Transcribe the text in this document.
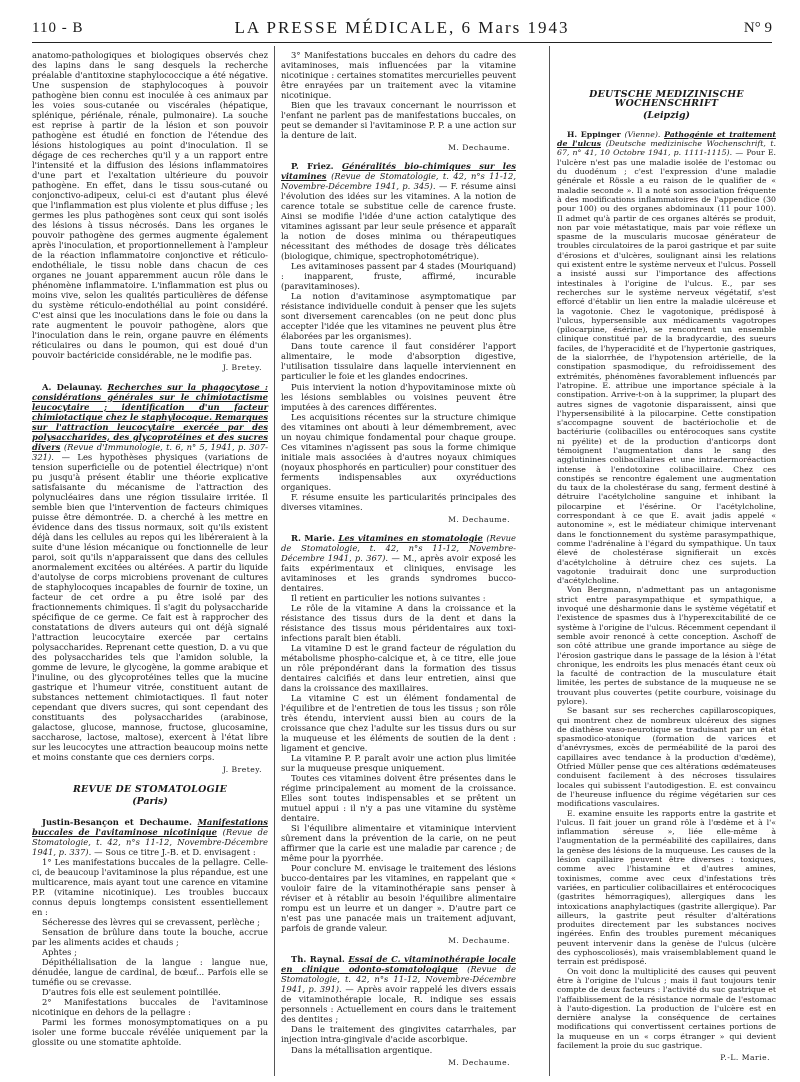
110 - B	LA PRESSE MÉDICALE, 6 Mars 1943	N° 9

anatomo-pathologiques et biologiques observés chez des lapins dans le sang desquels la recherche préalable d'antitoxine staphylococcique a été négative. Une suspension de staphylocoques à pouvoir pathogène bien connu est inoculée à ces animaux par les voies sous-cutanée ou viscérales (hépatique, splénique, périénale, rénale, pulmonaire). La souche est reprise à partir de la lésion et son pouvoir pathogène est étudié en fonction de l'étendue des lésions histologiques au point d'inoculation. Il se dégage de ces recherches qu'il y a un rapport entre l'intensité et la diffusion des lésions inflammatoires d'une part et l'exaltation ultérieure du pouvoir pathogène. En effet, dans le tissu sous-cutané ou conjonctivo-adipeux, celui-ci est d'autant plus élevé que l'inflammation est plus violente et plus diffuse ; les germes les plus pathogènes sont ceux qui sont isolés des lésions à tissus nécrosés. Dans les organes le pouvoir pathogène des germes augmente également après l'inoculation, et proportionnellement à l'ampleur de la réaction inflammatoire conjonctive et réticulo-endothéliale, le tissu noble dans chacun de ces organes ne jouant apparemment aucun rôle dans le phénomène inflammatoire. L'inflammation est plus ou moins vive, selon les qualités particulières de défense du système réticulo-endothélial au point considéré. C'est ainsi que les inoculations dans le foie ou dans la rate augmentent le pouvoir pathogène, alors que l'inoculation dans le rein, organe pauvre en éléments réticulaires ou dans le poumon, qui est doué d'un pouvoir bactéricide considérable, ne le modifie pas.

J. Bretey.

A. Delaunay. Recherches sur la phagocytose : considérations générales sur le chimiotactisme leucocytaire ; identification d'un facteur chimiotactique chez le staphylocoque. Remarques sur l'attraction leucocytaire exercée par des polysaccharides, des glycoprotéines et des sucres divers (Revue d'Immunologie, t. 6, n° 5, 1941, p. 307-321). — Les hypothèses physiques (variations de tension superficielle ou de potentiel électrique) n'ont pu jusqu'à présent établir une théorie explicative satisfaisante du mécanisme de l'attraction des polynucléaires dans une région tissulaire irritée. Il semble bien que l'intervention de facteurs chimiques puisse être démontrée. D. a cherché à les mettre en évidence dans des tissus normaux, soit qu'ils existent déjà dans les cellules au repos qui les libéreraient à la suite d'une lésion mécanique ou fonctionnelle de leur paroi, soit qu'ils n'apparaissent que dans des cellules anormalement excitées ou altérées. A partir du liquide d'autolyse de corps microbiens provenant de cultures de staphylocoques incapables de fournir de toxine, un facteur de cet ordre a pu être isolé par des fractionnements chimiques. Il s'agit du polysaccharide spécifique de ce germe. Ce fait est à rapprocher des constatations de divers auteurs qui ont déjà signalé l'attraction leucocytaire exercée par certains polysaccharides. Reprenant cette question, D. a vu que des polysaccharides tels que l'amidon soluble, la gomme de levure, le glycogène, la gomme arabique et l'inuline, ou des glycoprotéines telles que la mucine gastrique et l'humeur vitrée, constituent autant de substances nettement chimiotactiques. Il faut noter cependant que divers sucres, qui sont cependant des constituants des polysaccharides (arabinose, galactose, glucose, mannose, fructose, glucosamine, saccharose, lactose, maltose), exercent à l'état libre sur les leucocytes une attraction beaucoup moins nette et moins constante que ces derniers corps.

J. Bretey.
REVUE DE STOMATOLOGIE
(Paris)

Justin-Besançon et Dechaume. Manifestations buccales de l'avitaminose nicotinique (Revue de Stomatologie, t. 42, n°s 11-12, Novembre-Décembre 1941, p. 337). — Sous ce titre J.-B. et D. envisagent :

1° Les manifestations buccales de la pellagre. Celle-ci, de beaucoup l'avitaminose la plus répandue, est une multicarence, mais ayant tout une carence en vitamine P.P. (vitamine nicotinique). Les troubles buccaux connus depuis longtemps consistent essentiellement en :

Sécheresse des lèvres qui se crevassent, perlèche ;

Sensation de brûlure dans toute la bouche, accrue par les aliments acides et chauds ;

Aphtes ;

Dépithélialisation de la langue : langue nue, dénudée, langue de cardinal, de bœuf... Parfois elle se tuméfie ou se crevasse.

D'autres fois elle est seulement pointillée.

2° Manifestations buccales de l'avitaminose nicotinique en dehors de la pellagre :

Parmi les formes monosymptomatiques on a pu isoler une forme buccale révélée uniquement par la glossite ou une stomatite aphtoïde.

3° Manifestations buccales en dehors du cadre des avitaminoses, mais influencées par la vitamine nicotinique : certaines stomatites mercurielles peuvent être enrayées par un traitement avec la vitamine nicotinique.

Bien que les travaux concernant le nourrisson et l'enfant ne parlent pas de manifestations buccales, on peut se demander si l'avitaminose P. P. a une action sur la denture de lait.

M. Dechaume.

P. Friez. Généralités bio-chimiques sur les vitamines (Revue de Stomatologie, t. 42, n°s 11-12, Novembre-Décembre 1941, p. 345). — F. résume ainsi l'évolution des idées sur les vitamines. A la notion de carence totale se substitue celle de carence fruste. Ainsi se modifie l'idée d'une action catalytique des vitamines agissant par leur seule présence et apparaît la notion de doses minima ou thérapeutiques nécessitant des méthodes de dosage très délicates (biologique, chimique, spectrophotométrique).

Les avitaminoses passent par 4 stades (Mouriquand) : inapparent, fruste, affirmé, incurable (paravitaminoses).

La notion d'avitaminose asymptomatique par résistance individuelle conduit à penser que les sujets sont diversement carencables (on ne peut donc plus accepter l'idée que les vitamines ne peuvent plus être élaborées par les organismes).

Dans toute carence il faut considérer l'apport alimentaire, le mode d'absorption digestive, l'utilisation tissulaire dans laquelle interviennent en particulier le foie et les glandes endocrines.

Puis intervient la notion d'hypovitaminose mixte où les lésions semblables ou voisines peuvent être imputées à des carences différentes.

Les acquisitions récentes sur la structure chimique des vitamines ont abouti à leur démembrement, avec un noyau chimique fondamental pour chaque groupe. Ces vitamines n'agissent pas sous la forme chimique initiale mais associées à d'autres noyaux chimiques (noyaux phosphorés en particulier) pour constituer des ferments indispensables aux oxyréductions organiques.

F. résume ensuite les particularités principales des diverses vitamines.

M. Dechaume.

R. Marie. Les vitamines en stomatologie (Revue de Stomatologie, t. 42, n°s 11-12, Novembre-Décembre 1941, p. 367). — M., après avoir exposé les faits expérimentaux et cliniques, envisage les avitaminoses et les grands syndromes bucco-dentaires.

Il retient en particulier les notions suivantes :

Le rôle de la vitamine A dans la croissance et la résistance des tissus durs de la dent et dans la résistance des tissus mous péridentaires aux toxi-infections paraît bien établi.

La vitamine D est le grand facteur de régulation du métabolisme phospho-calcique et, à ce titre, elle joue un rôle prépondérant dans la formation des tissus dentaires calcifiés et dans leur entretien, ainsi que dans la croissance des maxillaires.

La vitamine C est un élément fondamental de l'équilibre et de l'entretien de tous les tissus ; son rôle très étendu, intervient aussi bien au cours de la croissance que chez l'adulte sur les tissus durs ou sur la muqueuse et les éléments de soutien de la dent : ligament et gencive.

La vitamine P. P. paraît avoir une action plus limitée sur la muqueuse presque uniquement.

Toutes ces vitamines doivent être présentes dans le régime principalement au moment de la croissance. Elles sont toutes indispensables et se prêtent un mutuel appui : il n'y a pas une vitamine du système dentaire.

Si l'équilibre alimentaire et vitaminique intervient sûrement dans la prévention de la carie, on ne peut affirmer que la carie est une maladie par carence ; de même pour la pyorrhée.

Pour conclure M. envisage le traitement des lésions bucco-dentaires par les vitamines, en rappelant que « vouloir faire de la vitaminothérapie sans penser à réviser et à rétablir au besoin l'équilibre alimentaire rompu est un leurre et un danger ». D'autre part ce n'est pas une panacée mais un traitement adjuvant, parfois de grande valeur.

M. Dechaume.

Th. Raynal. Essai de C. vitaminothérapie locale en clinique odonto-stomatologique (Revue de Stomatologie, t. 42, n°s 11-12, Novembre-Décembre 1941, p. 391). — Après avoir rappelé les divers essais de vitaminothérapie locale, R. indique ses essais personnels : Actuellement en cours dans le traitement des dentites ;

Dans le traitement des gingivites catarrhales, par injection intra-gingivale d'acide ascorbique.

Dans la métallisation argentique.

M. Dechaume.
DEUTSCHE MEDIZINISCHE WOCHENSCHRIFT
(Leipzig)

H. Eppinger (Vienne). Pathogénie et traitement de l'ulcus (Deutsche medizinische Wochenschrift, t. 67, n° 41, 10 Octobre 1941, p. 1111-1115). — Pour E. l'ulcère n'est pas une maladie isolée de l'estomac ou du duodénum ; c'est l'expression d'une maladie générale et Rössle a eu raison de le qualifier de « maladie seconde ». Il a noté son association fréquente à des modifications inflammatoires de l'appendice (30 pour 100) ou des organes abdominaux (11 pour 100). Il admet qu'à partir de ces organes altérés se produit, non par voie métastatique, mais par voie réflexe un spasme de la muscularis mucosae générateur de troubles circulatoires de la paroi gastrique et par suite d'érosions et d'ulcères, soulignant ainsi les relations qui existent entre le système nerveux et l'ulcus. Possell a insisté aussi sur l'importance des affections intestinales à l'origine de l'ulcus. E., par ses recherches sur le système nerveux végétatif, s'est efforcé d'établir un lien entre la maladie ulcéreuse et la vagotonie. Chez le vagotonique, prédisposé à l'ulcus, hypersensible aux médicaments vagotropes (pilocarpine, ésérine), se rencontrent un ensemble clinique constitué par de la bradycardie, des sueurs faciles, de l'hyperacidité et de l'hypertonie gastriques, de la sialorrhée, de l'hypotension artérielle, de la constipation spasmodique, du refroidissement des extrémités, phénomènes favorablement influencés par l'atropine. E. attribue une importance spéciale à la constipation. Arrive-t-on à la supprimer, la plupart des autres signes de vagotonie disparaissent, ainsi que l'hypersensibilité à la pilocarpine. Cette constipation s'accompagne souvent de bactériocholie et de bactériurie (colibacilles ou entérocoques sans cystite ni pyélite) et de la production d'anticorps dont témoignent l'augmentation dans le sang des agglutinines colibacillaires et une intradermoréaction intense à l'endotoxine colibacillaire. Chez ces constipés se rencontre également une augmentation du taux de la cholestérase du sang, ferment destiné à détruire l'acétylcholine sanguine et inhibant la pilocarpine et l'ésérine. Or l'acétylcholine, correspondant à ce que E. avait jadis appelé « autonomine », est le médiateur chimique intervenant dans le fonctionnement du système parasympathique, comme l'adrénaline à l'égard du sympathique. Un taux élevé de cholestérase signifierait un excès d'acétylcholine à détruire chez ces sujets. La vagotonie traduirait donc une surproduction d'acétylcholine.

Von Bergmann, n'admettant pas un antagonisme strict entre parasympathique et sympathique, a invoqué une désharmonie dans le système végétatif et l'existence de spasmes dus à l'hyperexcitabilité de ce système à l'origine de l'ulcus. Récemment cependant il semble avoir renoncé à cette conception. Aschoff de son côté attribue une grande importance au siège de l'érosion gastrique dans le passage de la lésion à l'état chronique, les endroits les plus menacés étant ceux où la faculté de contraction de la musculature était limitée, les pertes de substance de la muqueuse ne se trouvant plus couvertes (petite courbure, voisinage du pylore).

Se basant sur ses recherches capillaroscopiques, qui montrent chez de nombreux ulcéreux des signes de diathèse vaso-neurotique se traduisant par un état spasmodico-atonique (formation de varices et d'anévrysmes, excès de perméabilité de la paroi des capillaires avec tendance à la production d'œdème), Otfried Müller pense que ces altérations œdémateuses conduisent facilement à des nécroses tissulaires locales qui subissent l'autodigestion. E. est convaincu de l'heureuse influence du régime végétarien sur ces modifications vasculaires.

E. examine ensuite les rapports entre la gastrite et l'ulcus. Il fait jouer un grand rôle à l'œdème et à l'« inflammation séreuse », liée elle-même à l'augmentation de la perméabilité des capillaires, dans la genèse des lésions de la muqueuse. Les causes de la lésion capillaire peuvent être diverses : toxiques, comme avec l'histamine et d'autres amines, toxinismes, comme avec ceux d'infestations très variées, en particulier colibacillaires et entérocociques (gastrites hémorragiques), allergiques dans les intoxications anaphylactiques (gastrite allergique). Par ailleurs, la gastrite peut résulter d'altérations produites directement par les substances nocives ingérées. Enfin des troubles purement mécaniques peuvent intervenir dans la genèse de l'ulcus (ulcère des cyphoscoliosés), mais vraisemblablement quand le terrain est prédisposé.

On voit donc la multiplicité des causes qui peuvent être à l'origine de l'ulcus ; mais il faut toujours tenir compte de deux facteurs : l'activité du suc gastrique et l'affaiblissement de la résistance normale de l'estomac à l'auto-digestion. La production de l'ulcère est en dernière analyse la conséquence de certaines modifications qui convertissent certaines portions de la muqueuse en un « corps étranger » qui devient facilement la proie du suc gastrique.

P.-L. Marie.
